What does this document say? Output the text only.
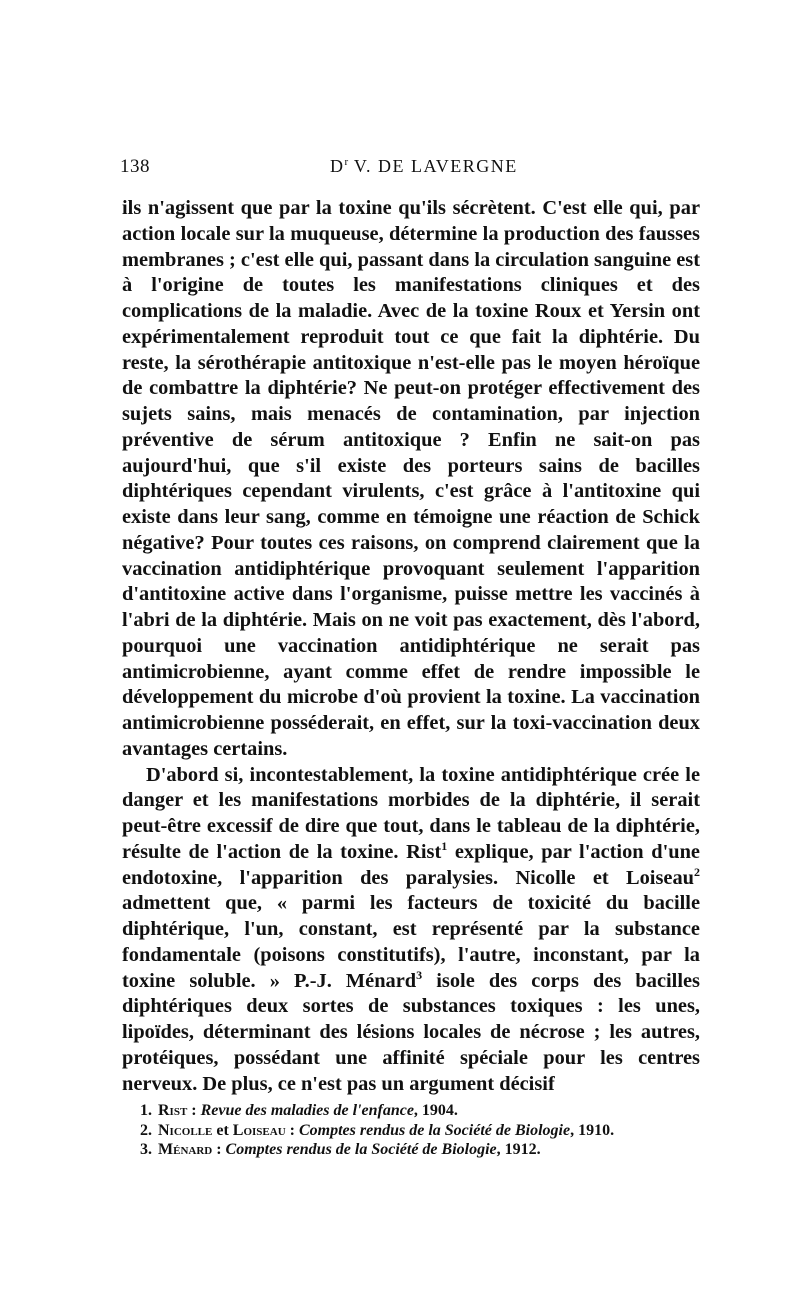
138	$D^r$ V. DE LAVERGNE

ils n'agissent que par la toxine qu'ils sécrètent. C'est elle qui, par action locale sur la muqueuse, détermine la production des fausses membranes ; c'est elle qui, passant dans la circulation sanguine est à l'origine de toutes les manifestations cliniques et des complications de la maladie. Avec de la toxine Roux et Yersin ont expérimentalement reproduit tout ce que fait la diphtérie. Du reste, la sérothérapie antitoxique n'est-elle pas le moyen héroïque de combattre la diphtérie? Ne peut-on protéger effectivement des sujets sains, mais menacés de contamination, par injection préventive de sérum antitoxique ? Enfin ne sait-on pas aujourd'hui, que s'il existe des porteurs sains de bacilles diphtériques cependant virulents, c'est grâce à l'antitoxine qui existe dans leur sang, comme en témoigne une réaction de Schick négative? Pour toutes ces raisons, on comprend clairement que la vaccination antidiphtérique provoquant seulement l'apparition d'antitoxine active dans l'organisme, puisse mettre les vaccinés à l'abri de la diphtérie. Mais on ne voit pas exactement, dès l'abord, pourquoi une vaccination antidiphtérique ne serait pas antimicrobienne, ayant comme effet de rendre impossible le développement du microbe d'où provient la toxine. La vaccination antimicrobienne posséderait, en effet, sur la toxi-vaccination deux avantages certains.

D'abord si, incontestablement, la toxine antidiphtérique crée le danger et les manifestations morbides de la diphtérie, il serait peut-être excessif de dire que tout, dans le tableau de la diphtérie, résulte de l'action de la toxine. Rist$^1$ explique, par l'action d'une endotoxine, l'apparition des paralysies. Nicolle et Loiseau$^2$ admettent que, « parmi les facteurs de toxicité du bacille diphtérique, l'un, constant, est représenté par la substance fondamentale (poisons constitutifs), l'autre, inconstant, par la toxine soluble. » P.-J. Ménard$^3$ isole des corps des bacilles diphtériques deux sortes de substances toxiques : les unes, lipoïdes, déterminant des lésions locales de nécrose ; les autres, protéiques, possédant une affinité spéciale pour les centres nerveux. De plus, ce n'est pas un argument décisif

1. Rist : Revue des maladies de l'enfance, 1904.

2. Nicolle et Loiseau : Comptes rendus de la Société de Biologie, 1910.

3. Ménard : Comptes rendus de la Société de Biologie, 1912.
